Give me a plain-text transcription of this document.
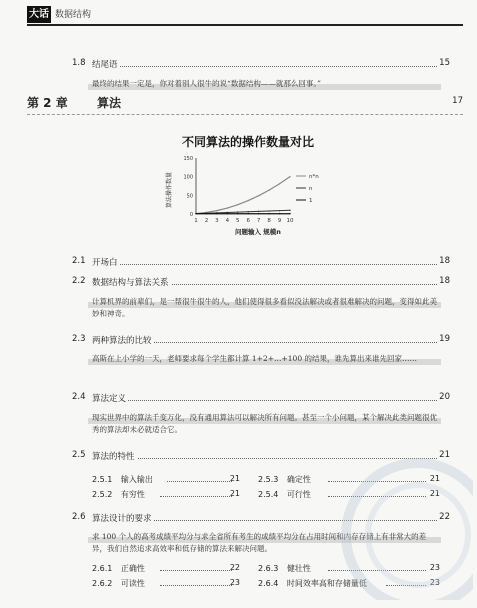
大话 数据结构
1.8 结尾语	15
最终的结果一定是，你对着别人很牛的说“数据结构——就那么回事。”
第 2 章 算法	17
不同算法的操作数量对比
算法操作数量
问题输入 规模n
0
50
100
150
1 2 3 4 5 6 7 8 9 10
n*n
n
1
2.1 开场白	18
2.2 数据结构与算法关系	18
计算机界的前辈们，是一帮很牛很牛的人，他们使得很多看似没法解决或者很难解决的问题，变得如此美妙和神奇。
2.3 两种算法的比较	19
高斯在上小学的一天，老师要求每个学生都计算 1+2+…+100 的结果，谁先算出来谁先回家……
2.4 算法定义	20
现实世界中的算法千变万化，没有通用算法可以解决所有问题。甚至一个小问题，某个解决此类问题很优秀的算法却未必就适合它。
2.5 算法的特性	21
2.5.1 输入输出	21 2.5.3 确定性	21
2.5.2 有穷性	21 2.5.4 可行性	21
2.6 算法设计的要求	22
求 100 个人的高考成绩平均分与求全省所有考生的成绩平均分在占用时间和内存存储上有非常大的差异，我们自然追求高效率和低存储的算法来解决问题。
2.6.1 正确性	22 2.6.3 健壮性	23
2.6.2 可读性	23 2.6.4 时间效率高和存储量低	23
